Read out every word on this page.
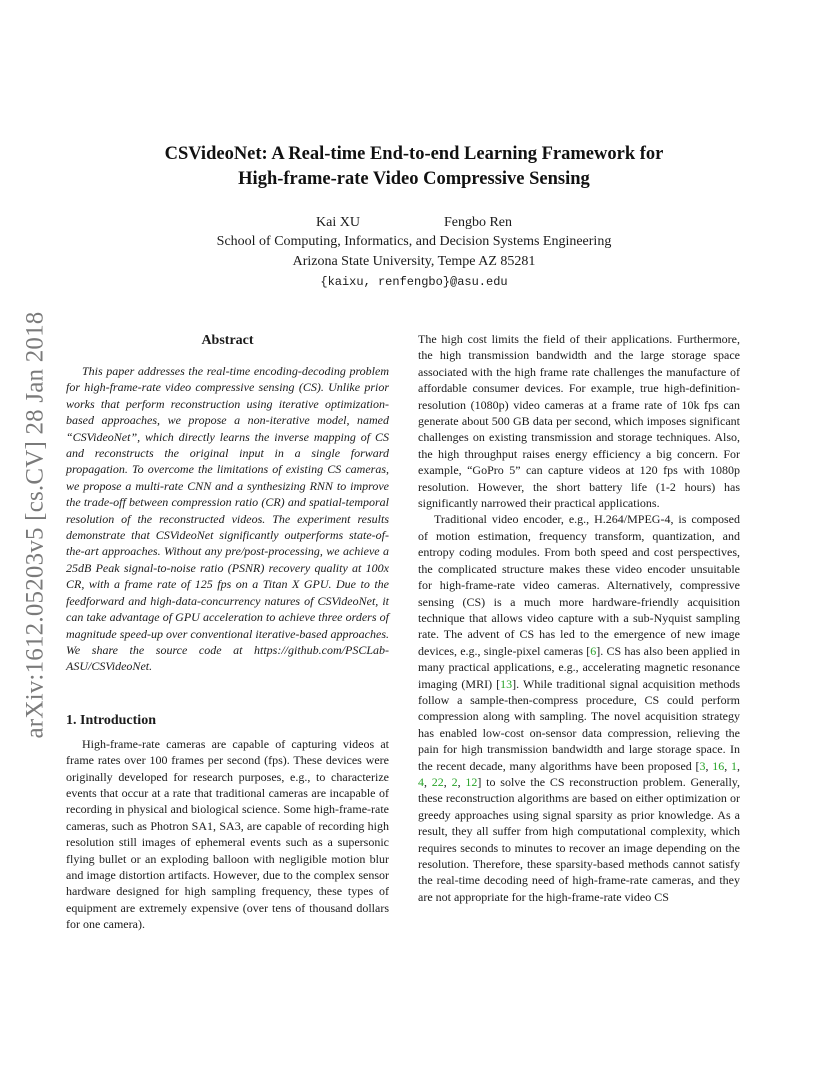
arXiv:1612.05203v5 [cs.CV] 28 Jan 2018
CSVideoNet: A Real-time End-to-end Learning Framework for
High-frame-rate Video Compressive Sensing
Kai XU	Fengbo Ren
School of Computing, Informatics, and Decision Systems Engineering
Arizona State University, Tempe AZ 85281
{kaixu, renfengbo}@asu.edu
Abstract

This paper addresses the real-time encoding-decoding problem for high-frame-rate video compressive sensing (CS). Unlike prior works that perform reconstruction using iterative optimization-based approaches, we propose a non-iterative model, named “CSVideoNet”, which directly learns the inverse mapping of CS and reconstructs the original input in a single forward propagation. To overcome the limitations of existing CS cameras, we propose a multi-rate CNN and a synthesizing RNN to improve the trade-off between compression ratio (CR) and spatial-temporal resolution of the reconstructed videos. The experiment results demonstrate that CSVideoNet significantly outperforms state-of-the-art approaches. Without any pre/post-processing, we achieve a 25dB Peak signal-to-noise ratio (PSNR) recovery quality at 100x CR, with a frame rate of 125 fps on a Titan X GPU. Due to the feedforward and high-data-concurrency natures of CSVideoNet, it can take advantage of GPU acceleration to achieve three orders of magnitude speed-up over conventional iterative-based approaches. We share the source code at https://github.com/PSCLab-ASU/CSVideoNet.

1. Introduction

High-frame-rate cameras are capable of capturing videos at frame rates over 100 frames per second (fps). These devices were originally developed for research purposes, e.g., to characterize events that occur at a rate that traditional cameras are incapable of recording in physical and biological science. Some high-frame-rate cameras, such as Photron SA1, SA3, are capable of recording high resolution still images of ephemeral events such as a supersonic flying bullet or an exploding balloon with negligible motion blur and image distortion artifacts. However, due to the complex sensor hardware designed for high sampling frequency, these types of equipment are extremely expensive (over tens of thousand dollars for one camera).

The high cost limits the field of their applications. Furthermore, the high transmission bandwidth and the large storage space associated with the high frame rate challenges the manufacture of affordable consumer devices. For example, true high-definition-resolution (1080p) video cameras at a frame rate of 10k fps can generate about 500 GB data per second, which imposes significant challenges on existing transmission and storage techniques. Also, the high throughput raises energy efficiency a big concern. For example, “GoPro 5” can capture videos at 120 fps with 1080p resolution. However, the short battery life (1-2 hours) has significantly narrowed their practical applications.

Traditional video encoder, e.g., H.264/MPEG-4, is composed of motion estimation, frequency transform, quantization, and entropy coding modules. From both speed and cost perspectives, the complicated structure makes these video encoder unsuitable for high-frame-rate video cameras. Alternatively, compressive sensing (CS) is a much more hardware-friendly acquisition technique that allows video capture with a sub-Nyquist sampling rate. The advent of CS has led to the emergence of new image devices, e.g., single-pixel cameras [6]. CS has also been applied in many practical applications, e.g., accelerating magnetic resonance imaging (MRI) [13]. While traditional signal acquisition methods follow a sample-then-compress procedure, CS could perform compression along with sampling. The novel acquisition strategy has enabled low-cost on-sensor data compression, relieving the pain for high transmission bandwidth and large storage space. In the recent decade, many algorithms have been proposed [3, 16, 1, 4, 22, 2, 12] to solve the CS reconstruction problem. Generally, these reconstruction algorithms are based on either optimization or greedy approaches using signal sparsity as prior knowledge. As a result, they all suffer from high computational complexity, which requires seconds to minutes to recover an image depending on the resolution. Therefore, these sparsity-based methods cannot satisfy the real-time decoding need of high-frame-rate cameras, and they are not appropriate for the high-frame-rate video CS
